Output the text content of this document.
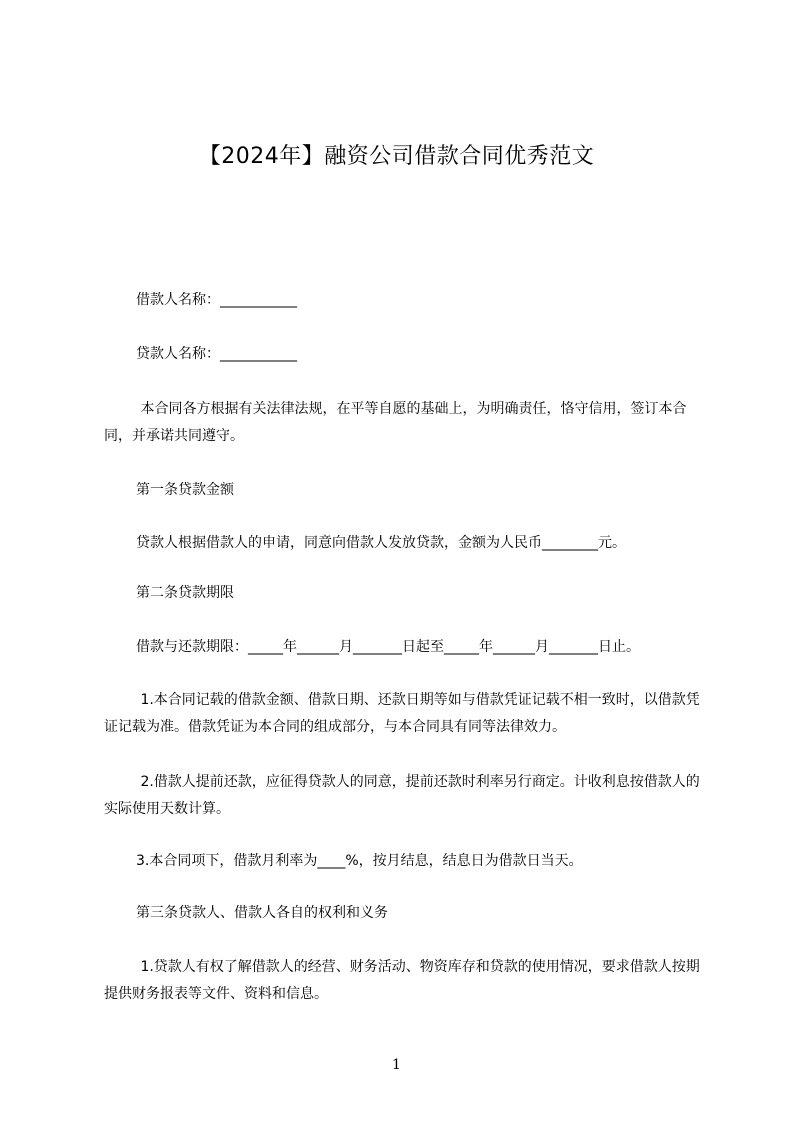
【2024年】融资公司借款合同优秀范文
借款人名称：___________
贷款人名称：___________
本合同各方根据有关法律法规，在平等自愿的基础上，为明确责任，恪守信用，签订本合同，并承诺共同遵守。
第一条贷款金额
贷款人根据借款人的申请，同意向借款人发放贷款，金额为人民币________元。
第二条贷款期限
借款与还款期限：_____年______月_______日起至_____年______月_______日止。
1.本合同记载的借款金额、借款日期、还款日期等如与借款凭证记载不相一致时，以借款凭证记载为准。借款凭证为本合同的组成部分，与本合同具有同等法律效力。
2.借款人提前还款，应征得贷款人的同意，提前还款时利率另行商定。计收利息按借款人的实际使用天数计算。
3.本合同项下，借款月利率为____%，按月结息，结息日为借款日当天。
第三条贷款人、借款人各自的权利和义务
1.贷款人有权了解借款人的经营、财务活动、物资库存和贷款的使用情况，要求借款人按期提供财务报表等文件、资料和信息。
1
